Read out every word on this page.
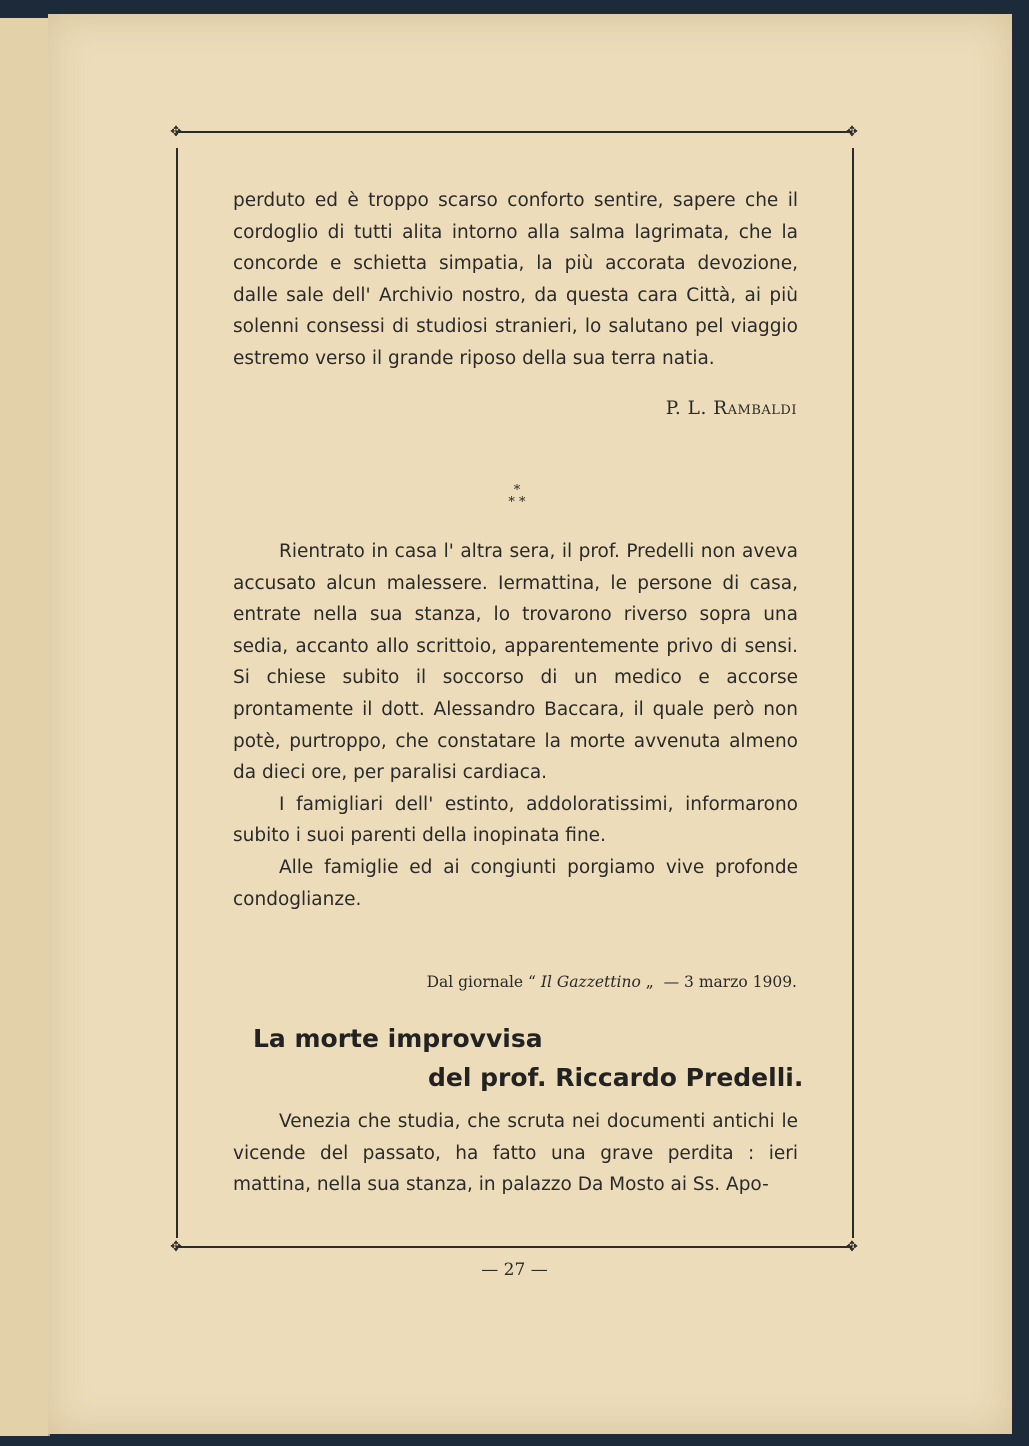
✥	✥
✥	✥

perduto ed è troppo scarso conforto sentire, sapere che il cordoglio di tutti alita intorno alla salma lagrimata, che la concorde e schietta simpatia, la più accorata devozione, dalle sale dell' Archivio nostro, da questa cara Città, ai più solenni consessi di studiosi stranieri, lo salutano pel viaggio estremo verso il grande riposo della sua terra natia.

P. L. Rambaldi
*
* *

Rientrato in casa l' altra sera, il prof. Predelli non aveva accusato alcun malessere. Iermattina, le persone di casa, entrate nella sua stanza, lo trovarono riverso sopra una sedia, accanto allo scrittoio, apparentemente privo di sensi. Si chiese subito il soccorso di un medico e accorse prontamente il dott. Alessandro Baccara, il quale però non potè, purtroppo, che constatare la morte avvenuta almeno da dieci ore, per paralisi cardiaca.

I famigliari dell' estinto, addoloratissimi, informarono subito i suoi parenti della inopinata fine.

Alle famiglie ed ai congiunti porgiamo vive profonde condoglianze.

Dal giornale “ Il Gazzettino „ — 3 marzo 1909.
La morte improvvisa
del prof. Riccardo Predelli.

Venezia che studia, che scruta nei documenti antichi le vicende del passato, ha fatto una grave perdita : ieri mattina, nella sua stanza, in palazzo Da Mosto ai Ss. Apo-

— 27 —
